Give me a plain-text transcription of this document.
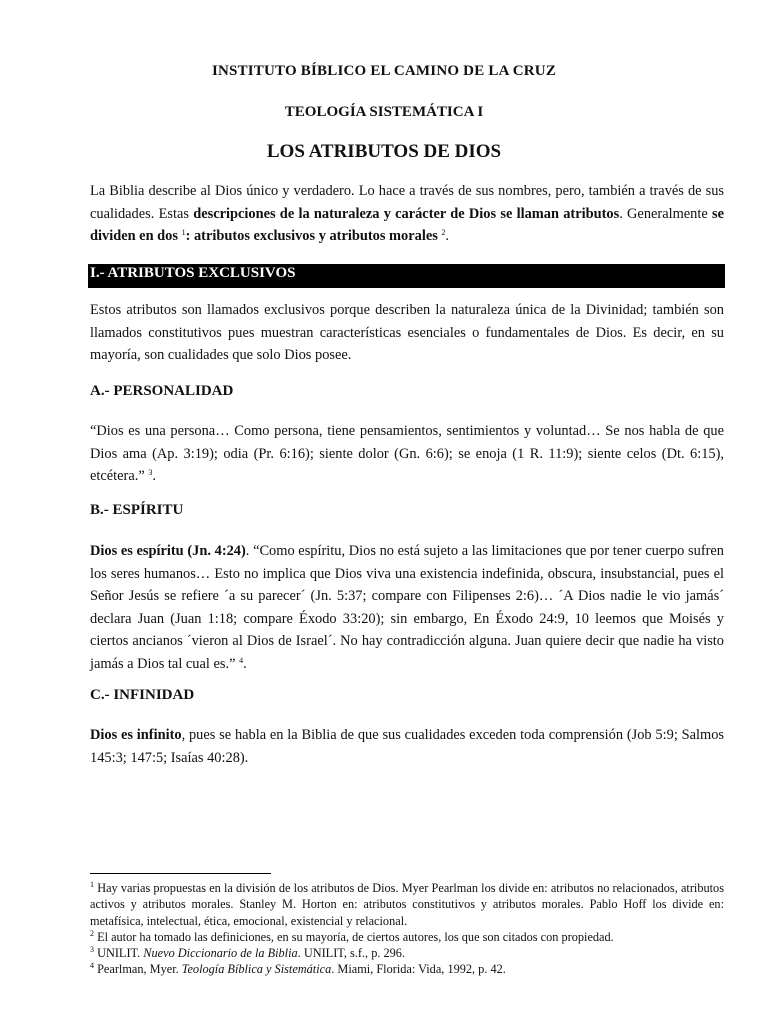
INSTITUTO BÍBLICO EL CAMINO DE LA CRUZ
TEOLOGÍA SISTEMÁTICA I
LOS ATRIBUTOS DE DIOS
La Biblia describe al Dios único y verdadero. Lo hace a través de sus nombres, pero, también a través de sus cualidades. Estas descripciones de la naturaleza y carácter de Dios se llaman atributos. Generalmente se dividen en dos $^1$: atributos exclusivos y atributos morales $^2$.
I.- ATRIBUTOS EXCLUSIVOS
Estos atributos son llamados exclusivos porque describen la naturaleza única de la Divinidad; también son llamados constitutivos pues muestran características esenciales o fundamentales de Dios. Es decir, en su mayoría, son cualidades que solo Dios posee.
A.- PERSONALIDAD
“Dios es una persona… Como persona, tiene pensamientos, sentimientos y voluntad… Se nos habla de que Dios ama (Ap. 3:19); odia (Pr. 6:16); siente dolor (Gn. 6:6); se enoja (1 R. 11:9); siente celos (Dt. 6:15), etcétera.” $^3$.
B.- ESPÍRITU
Dios es espíritu (Jn. 4:24). “Como espíritu, Dios no está sujeto a las limitaciones que por tener cuerpo sufren los seres humanos… Esto no implica que Dios viva una existencia indefinida, obscura, insubstancial, pues el Señor Jesús se refiere ´a su parecer´ (Jn. 5:37; compare con Filipenses 2:6)… ´A Dios nadie le vio jamás´ declara Juan (Juan 1:18; compare Éxodo 33:20); sin embargo, En Éxodo 24:9, 10 leemos que Moisés y ciertos ancianos ´vieron al Dios de Israel´. No hay contradicción alguna. Juan quiere decir que nadie ha visto jamás a Dios tal cual es.” $^4$.
C.- INFINIDAD
Dios es infinito, pues se habla en la Biblia de que sus cualidades exceden toda comprensión (Job 5:9; Salmos 145:3; 147:5; Isaías 40:28).
$^1$ Hay varias propuestas en la división de los atributos de Dios. Myer Pearlman los divide en: atributos no relacionados, atributos activos y atributos morales. Stanley M. Horton en: atributos constitutivos y atributos morales. Pablo Hoff los divide en: metafísica, intelectual, ética, emocional, existencial y relacional.
$^2$ El autor ha tomado las definiciones, en su mayoría, de ciertos autores, los que son citados con propiedad.
$^3$ UNILIT. Nuevo Diccionario de la Biblia. UNILIT, s.f., p. 296.
$^4$ Pearlman, Myer. Teología Bíblica y Sistemática. Miami, Florida: Vida, 1992, p. 42.
